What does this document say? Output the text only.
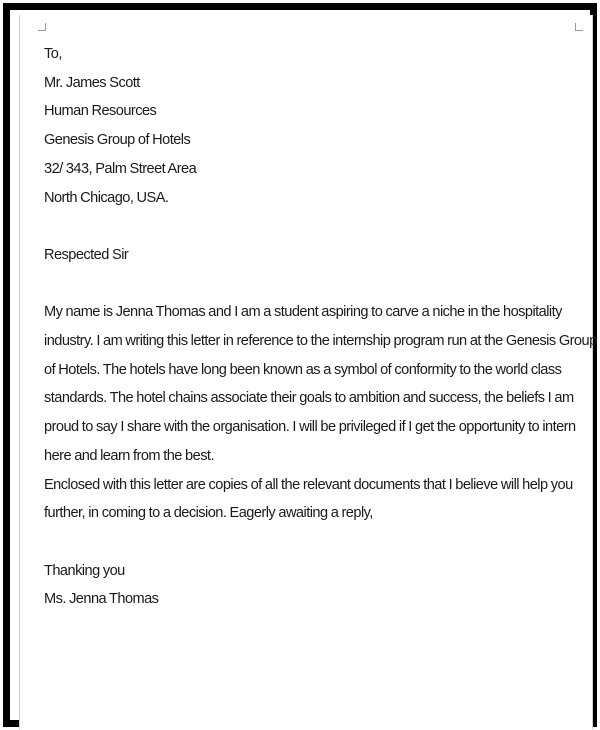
To,
Mr. James Scott
Human Resources
Genesis Group of Hotels
32/ 343, Palm Street Area
North Chicago, USA.
Respected Sir
My name is Jenna Thomas and I am a student aspiring to carve a niche in the hospitality
industry. I am writing this letter in reference to the internship program run at the Genesis Group
of Hotels. The hotels have long been known as a symbol of conformity to the world class
standards. The hotel chains associate their goals to ambition and success, the beliefs I am
proud to say I share with the organisation. I will be privileged if I get the opportunity to intern
here and learn from the best.
Enclosed with this letter are copies of all the relevant documents that I believe will help you
further, in coming to a decision. Eagerly awaiting a reply,
Thanking you
Ms. Jenna Thomas
